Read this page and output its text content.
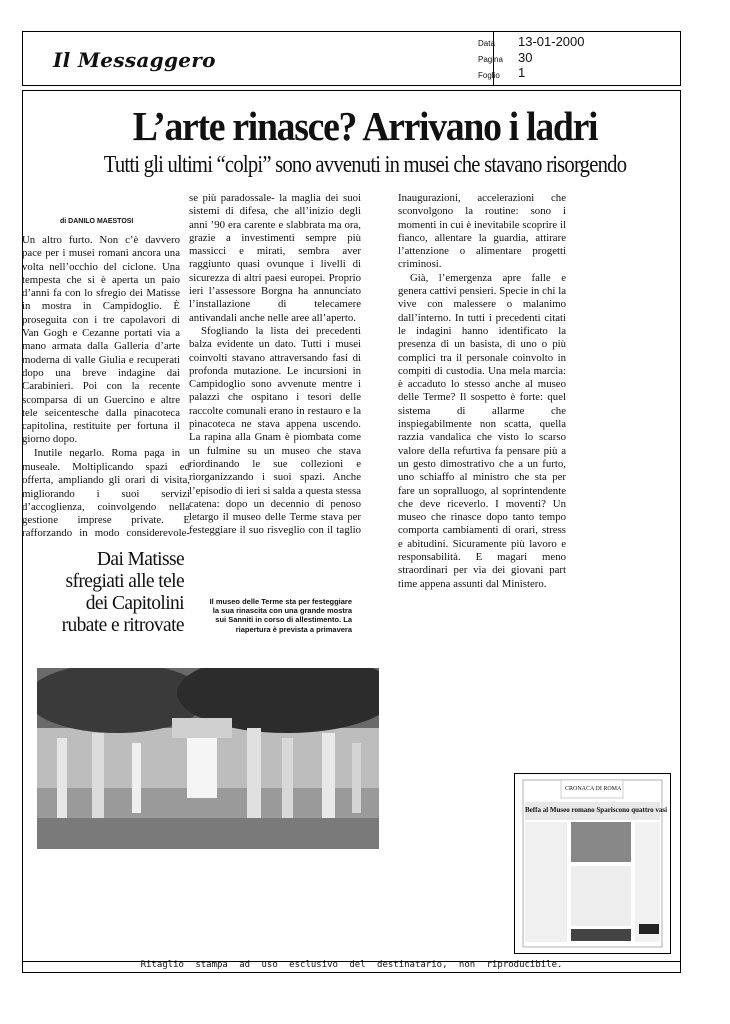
Il Messaggero
Data 13-01-2000
Pagina 30
Foglio 1
L’arte rinasce? Arrivano i ladri
Tutti gli ultimi “colpi” sono avvenuti in musei che stavano risorgendo
di DANILO MAESTOSI

Un altro furto. Non c’è davvero pace per i musei romani ancora una volta nell’occhio del ciclone. Una tempesta che si è aperta un paio d’anni fa con lo sfregio dei Matisse in mostra in Campidoglio. È proseguita con i tre capolavori di Van Gogh e Cezanne portati via a mano armata dalla Galleria d’arte moderna di valle Giulia e recuperati dopo una breve indagine dai Carabinieri. Poi con la recente scomparsa di un Guercino e altre tele seicentesche dalla pinacoteca capitolina, restituite per fortuna il giorno dopo.

Inutile negarlo. Roma paga in

museale. Moltiplicando spazi ed offerta, ampliando gli orari di visita, migliorando i suoi servizi d’accoglienza, coinvolgendo nella gestione imprese private. E rafforzando in modo considerevole-

se più paradossale- la maglia dei suoi sistemi di difesa, che all’inizio degli anni ’90 era carente e slabbrata ma ora, grazie a investimenti sempre più massicci e mirati, sembra aver raggiunto quasi ovunque i livelli di sicurezza di altri paesi europei. Proprio ieri l’assessore Borgna ha annunciato l’installazione di telecamere antivandali anche nelle aree all’aperto.

Sfogliando la lista dei precedenti balza evidente un dato. Tutti i musei coinvolti stavano attraversando fasi di profonda mutazione. Le incursioni in Campidoglio sono avvenute mentre i palazzi che ospitano i tesori delle raccolte comunali erano in restauro e la pinacoteca ne stava appena uscendo. La rapina alla Gnam è piombata come un fulmine su un museo che stava riordinando le sue collezioni e riorganizzando i suoi spazi. Anche l’episodio di ieri si salda a questa stessa catena: dopo un decennio di penoso letargo il museo delle Terme stava per festeggiare il suo risveglio con il taglio

Inaugurazioni, accelerazioni che sconvolgono la routine: sono i momenti in cui è inevitabile scoprire il fianco, allentare la guardia, attirare l’attenzione o alimentare progetti criminosi.

Già, l’emergenza apre falle e genera cattivi pensieri. Specie in chi la vive con malessere o malanimo dall’interno. In tutti i precedenti citati le indagini hanno identificato la presenza di un basista, di uno o più complici tra il personale coinvolto in compiti di custodia. Una mela marcia: è accaduto lo stesso anche al museo delle Terme? Il sospetto è forte: quel sistema di allarme che inspiegabilmente non scatta, quella razzia vandalica che visto lo scarso valore della refurtiva fa pensare più a un gesto dimostrativo che a un furto, uno schiaffo al ministro che sta per fare un sopralluogo, al soprintendente che deve riceverlo. I moventi? Un museo che rinasce dopo tanto tempo comporta cambiamenti di orari, stress e abitudini. Sicuramente più lavoro e responsabilità. E magari meno straordinari per via dei giovani part time appena assunti dal Ministero.

Dai Matisse sfregiati alle tele dei Capitolini rubate e ritrovate
Il museo delle Terme sta per festeggiare la sua rinascita con una grande mostra sui Sanniti in corso di allestimento. La riapertura è prevista a primavera
CRONACA DI ROMA
Beffa al Museo romano Spariscono quattro vasi
Ritaglio stampa ad uso esclusivo del destinatario, non riproducibile.
